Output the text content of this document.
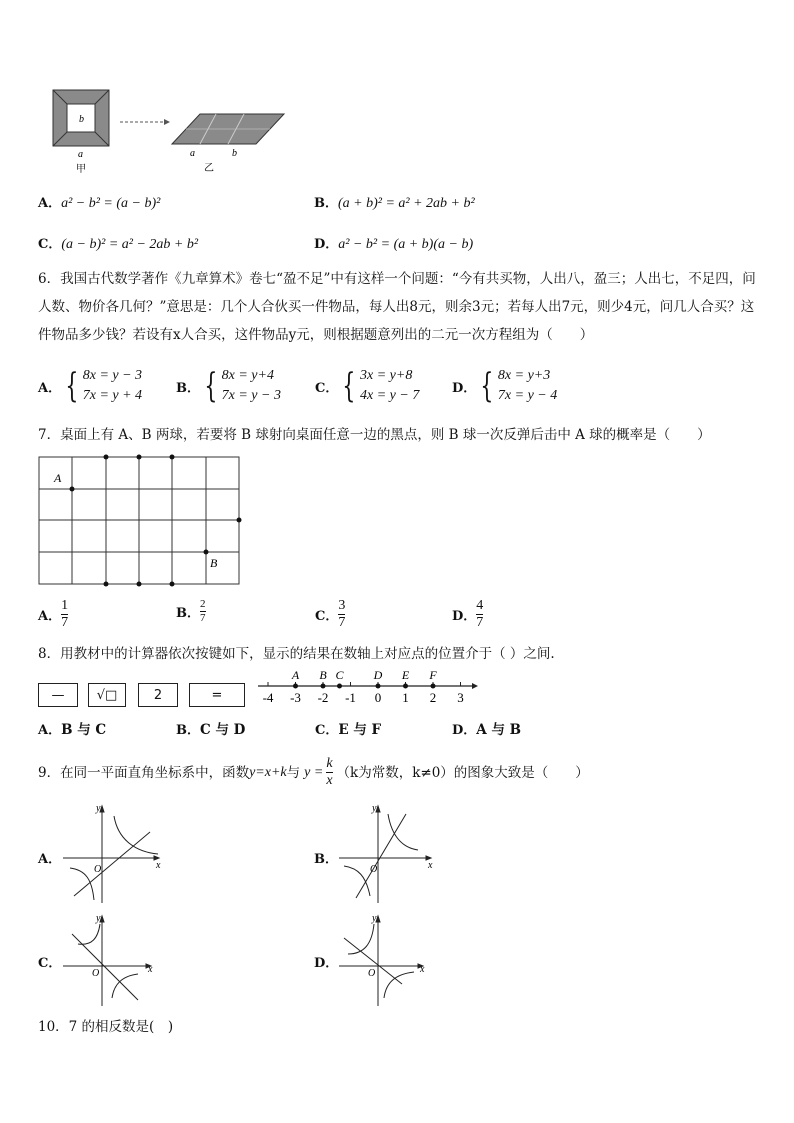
b
a
甲
a	b
乙
A．a² − b² = (a − b)²	B．(a + b)² = a² + 2ab + b²
C．(a − b)² = a² − 2ab + b²	D．a² − b² = (a + b)(a − b)
6．我国古代数学著作《九章算术》卷七“盈不足”中有这样一个问题：“今有共买物，人出八，盈三；人出七，不足四，问人数、物价各几何？”意思是：几个人合伙买一件物品，每人出8元，则余3元；若每人出7元，则少4元，问几人合买？这件物品多少钱？若设有x人合买，这件物品y元，则根据题意列出的二元一次方程组为（　　）
A． { 8x = y − 3
7x = y + 4	B． { 8x = y+4
7x = y − 3	C． { 3x = y+8
4x = y − 7	D． { 8x = y+3
7x = y − 4
7．桌面上有 A、B 两球，若要将 B 球射向桌面任意一边的黑点，则 B 球一次反弹后击中 A 球的概率是（　　）
A
B
A． $\frac{1}{7}$	B． $\frac{2}{7}$	C． $\frac{3}{7}$	D． $\frac{4}{7}$
8．用教材中的计算器依次按键如下，显示的结果在数轴上对应点的位置介于（ ）之间.
—	√□	2	=	-4 -3 -2 -1 0 1 2 3
A B C	D E F
A．B 与 C	B．C 与 D	C．E 与 F	D．A 与 B
9．在同一平面直角坐标系中，函数 y=x+k 与 $y = \frac{k}{x} (k$为常数，k≠0）的图象大致是（　　）
A．
y
x
O
B．
y
x
O
C．
y
x
O
D．
y
x
O
10．7 的相反数是(　)
